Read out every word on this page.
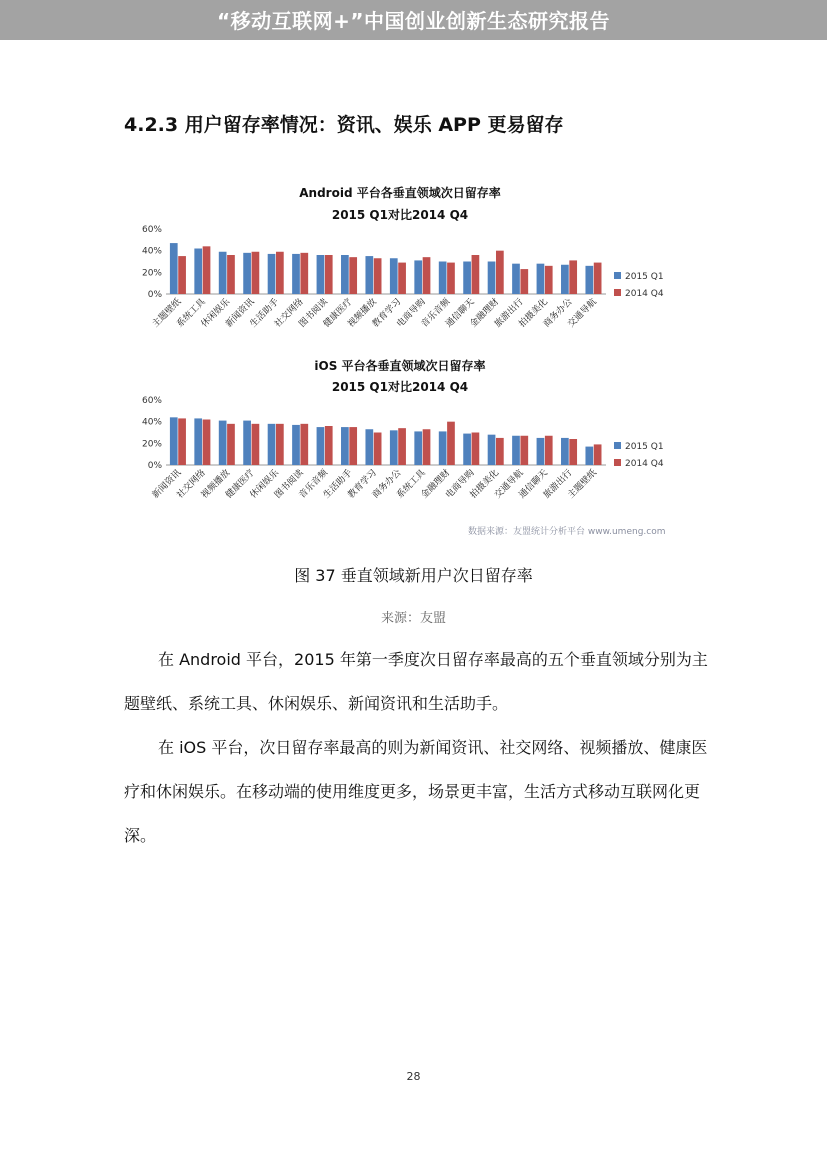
“移动互联网+”中国创业创新生态研究报告
4.2.3 用户留存率情况：资讯、娱乐 APP 更易留存
Android 平台各垂直领域次日留存率
2015 Q1对比2014 Q4
iOS 平台各垂直领域次日留存率
2015 Q1对比2014 Q4
0%
20%
40%
60%
主题壁纸
系统工具
休闲娱乐
新闻资讯
生活助手
社交网络
图书阅读
健康医疗
视频播放
教育学习
电商导购
音乐音频
通信聊天
金融理财
旅游出行
拍摄美化
商务办公
交通导航
2015 Q1
2014 Q4
0%
20%
40%
60%
新闻资讯
社交网络
视频播放
健康医疗
休闲娱乐
图书阅读
音乐音频
生活助手
教育学习
商务办公
系统工具
金融理财
电商导购
拍摄美化
交通导航
通信聊天
旅游出行
主题壁纸
2015 Q1
2014 Q4
数据来源：友盟统计分析平台 www.umeng.com
图 37 垂直领域新用户次日留存率
来源：友盟

在 Android 平台，2015 年第一季度次日留存率最高的五个垂直领域分别为主题壁纸、系统工具、休闲娱乐、新闻资讯和生活助手。

在 iOS 平台，次日留存率最高的则为新闻资讯、社交网络、视频播放、健康医疗和休闲娱乐。在移动端的使用维度更多，场景更丰富，生活方式移动互联网化更深。

28
